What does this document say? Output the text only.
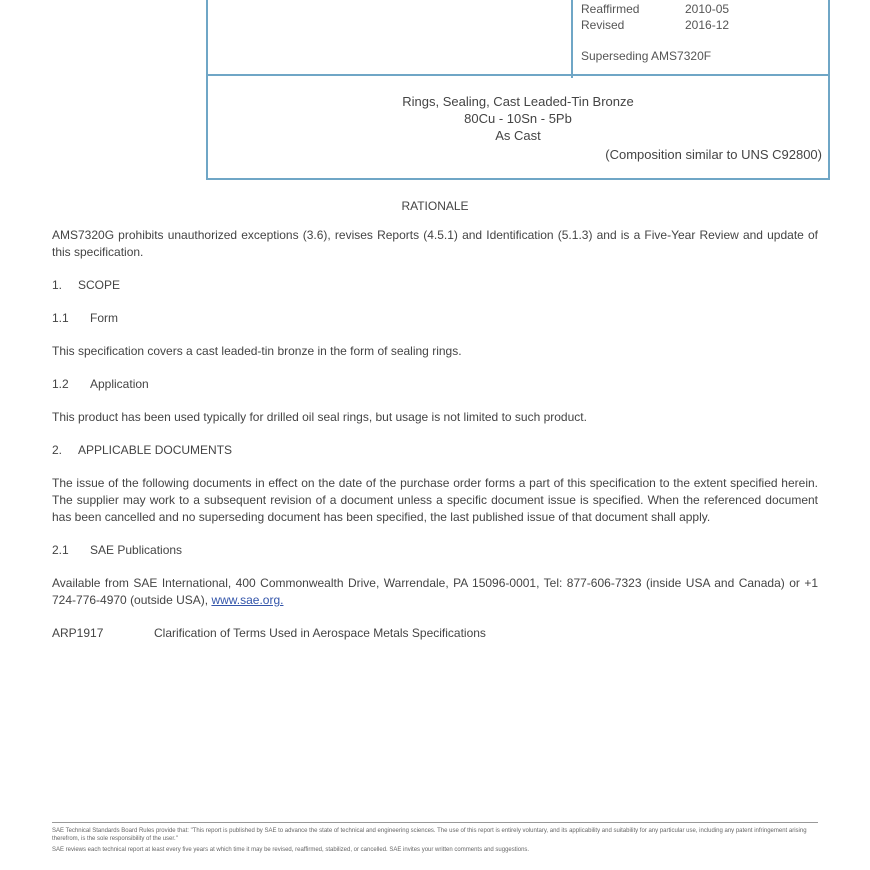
Reaffirmed	2010-05
Revised	2016-12
Superseding AMS7320F
Rings, Sealing, Cast Leaded-Tin Bronze
80Cu - 10Sn - 5Pb
As Cast
(Composition similar to UNS C92800)
RATIONALE

AMS7320G prohibits unauthorized exceptions (3.6), revises Reports (4.5.1) and Identification (5.1.3) and is a Five-Year Review and update of this specification.

1.	SCOPE
1.1	Form

This specification covers a cast leaded-tin bronze in the form of sealing rings.

1.2	Application

This product has been used typically for drilled oil seal rings, but usage is not limited to such product.

2.	APPLICABLE DOCUMENTS

The issue of the following documents in effect on the date of the purchase order forms a part of this specification to the extent specified herein. The supplier may work to a subsequent revision of a document unless a specific document issue is specified. When the referenced document has been cancelled and no superseding document has been specified, the last published issue of that document shall apply.

2.1	SAE Publications

Available from SAE International, 400 Commonwealth Drive, Warrendale, PA 15096-0001, Tel: 877-606-7323 (inside USA and Canada) or +1 724-776-4970 (outside USA), www.sae.org.

ARP1917	Clarification of Terms Used in Aerospace Metals Specifications

SAE Technical Standards Board Rules provide that: "This report is published by SAE to advance the state of technical and engineering sciences. The use of this report is entirely voluntary, and its applicability and suitability for any particular use, including any patent infringement arising therefrom, is the sole responsibility of the user."

SAE reviews each technical report at least every five years at which time it may be revised, reaffirmed, stabilized, or cancelled. SAE invites your written comments and suggestions.
